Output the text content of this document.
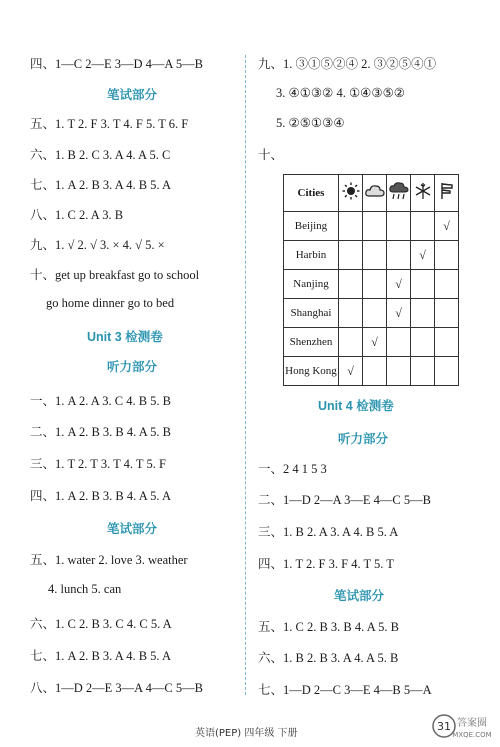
四、1—C 2—E 3—D 4—A 5—B
笔试部分
五、1. T 2. F 3. T 4. F 5. T 6. F
六、1. B 2. C 3. A 4. A 5. C
七、1. A 2. B 3. A 4. B 5. A
八、1. C 2. A 3. B
九、1. √ 2. √ 3. × 4. √ 5. ×
十、get up breakfast go to school
go home dinner go to bed
Unit 3 检测卷
听力部分
一、1. A 2. A 3. C 4. B 5. B
二、1. A 2. B 3. B 4. A 5. B
三、1. T 2. T 3. T 4. T 5. F
四、1. A 2. B 3. B 4. A 5. A
笔试部分
五、1. water 2. love 3. weather
4. lunch 5. can
六、1. C 2. B 3. C 4. C 5. A
七、1. A 2. B 3. A 4. B 5. A
八、1—D 2—E 3—A 4—C 5—B
九、1. ③①⑤②④ 2. ③②⑤④①
3. ④①③② 4. ①④③⑤②
5. ②⑤①③④
十、
Unit 4 检测卷
听力部分
一、2 4 1 5 3
二、1—D 2—A 3—E 4—C 5—B
三、1. B 2. A 3. A 4. B 5. A
四、1. T 2. F 3. F 4. T 5. T
笔试部分
五、1. C 2. B 3. B 4. A 5. B
六、1. B 2. B 3. A 4. A 5. B
七、1—D 2—C 3—E 4—B 5—A
Cities					
Beijing					√
Harbin				√	
Nanjing			√		
Shanghai			√		
Shenzhen		√			
Hong Kong	√				
英语(PEP) 四年级 下册
31 答案圈
MXQE.COM
